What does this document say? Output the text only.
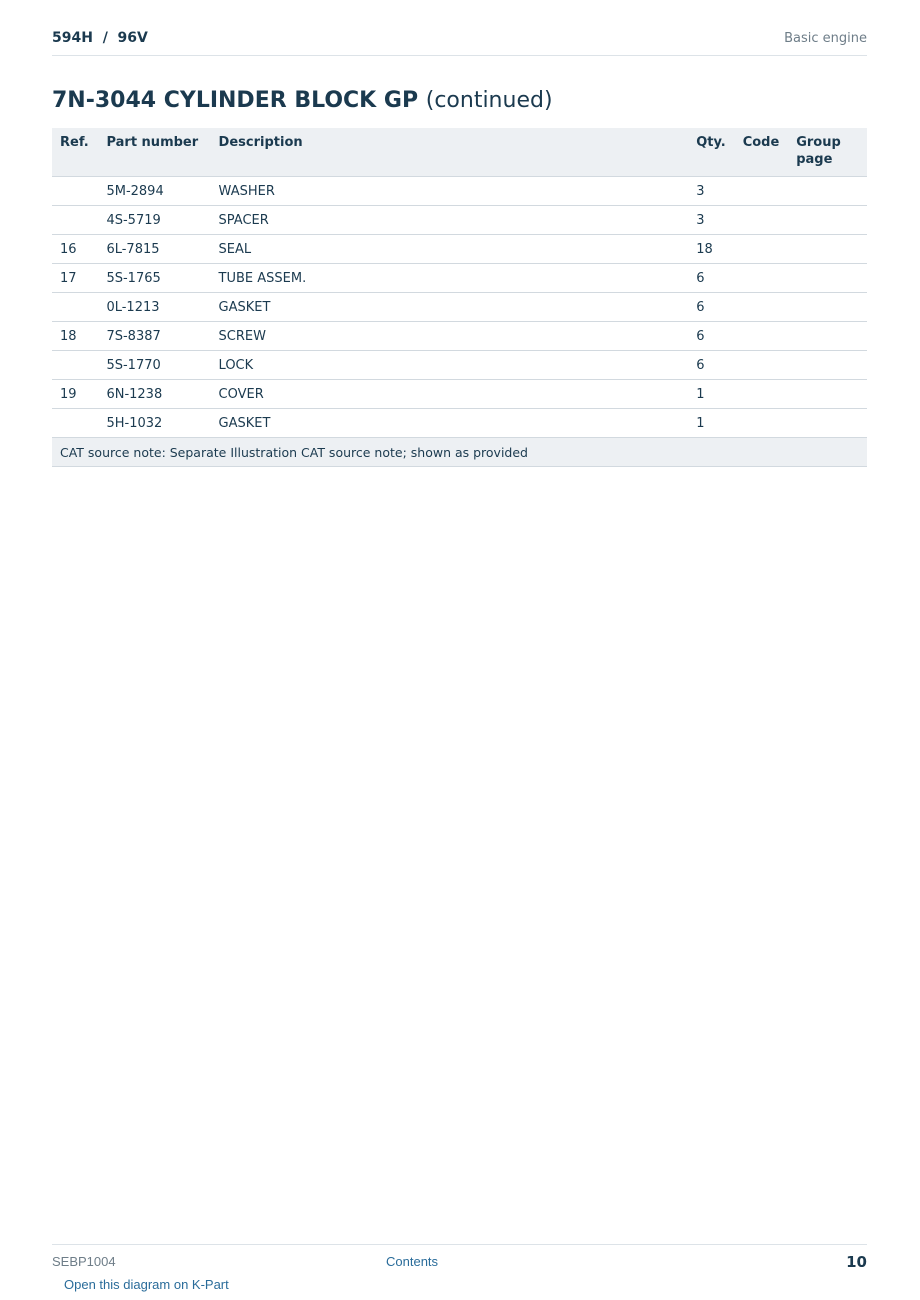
594H  /  96V	Basic engine
7N-3044 CYLINDER BLOCK GP (continued)
Ref.	Part number	Description	Qty.	Code	Group page
	5M-2894	WASHER	3		
	4S-5719	SPACER	3		
16	6L-7815	SEAL	18		
17	5S-1765	TUBE ASSEM.	6		
	0L-1213	GASKET	6		
18	7S-8387	SCREW	6		
	5S-1770	LOCK	6		
19	6N-1238	COVER	1		
	5H-1032	GASKET	1		
CAT source note: Separate Illustration CAT source note; shown as provided					
SEBP1004	Contents	10
Open this diagram on K-Part
